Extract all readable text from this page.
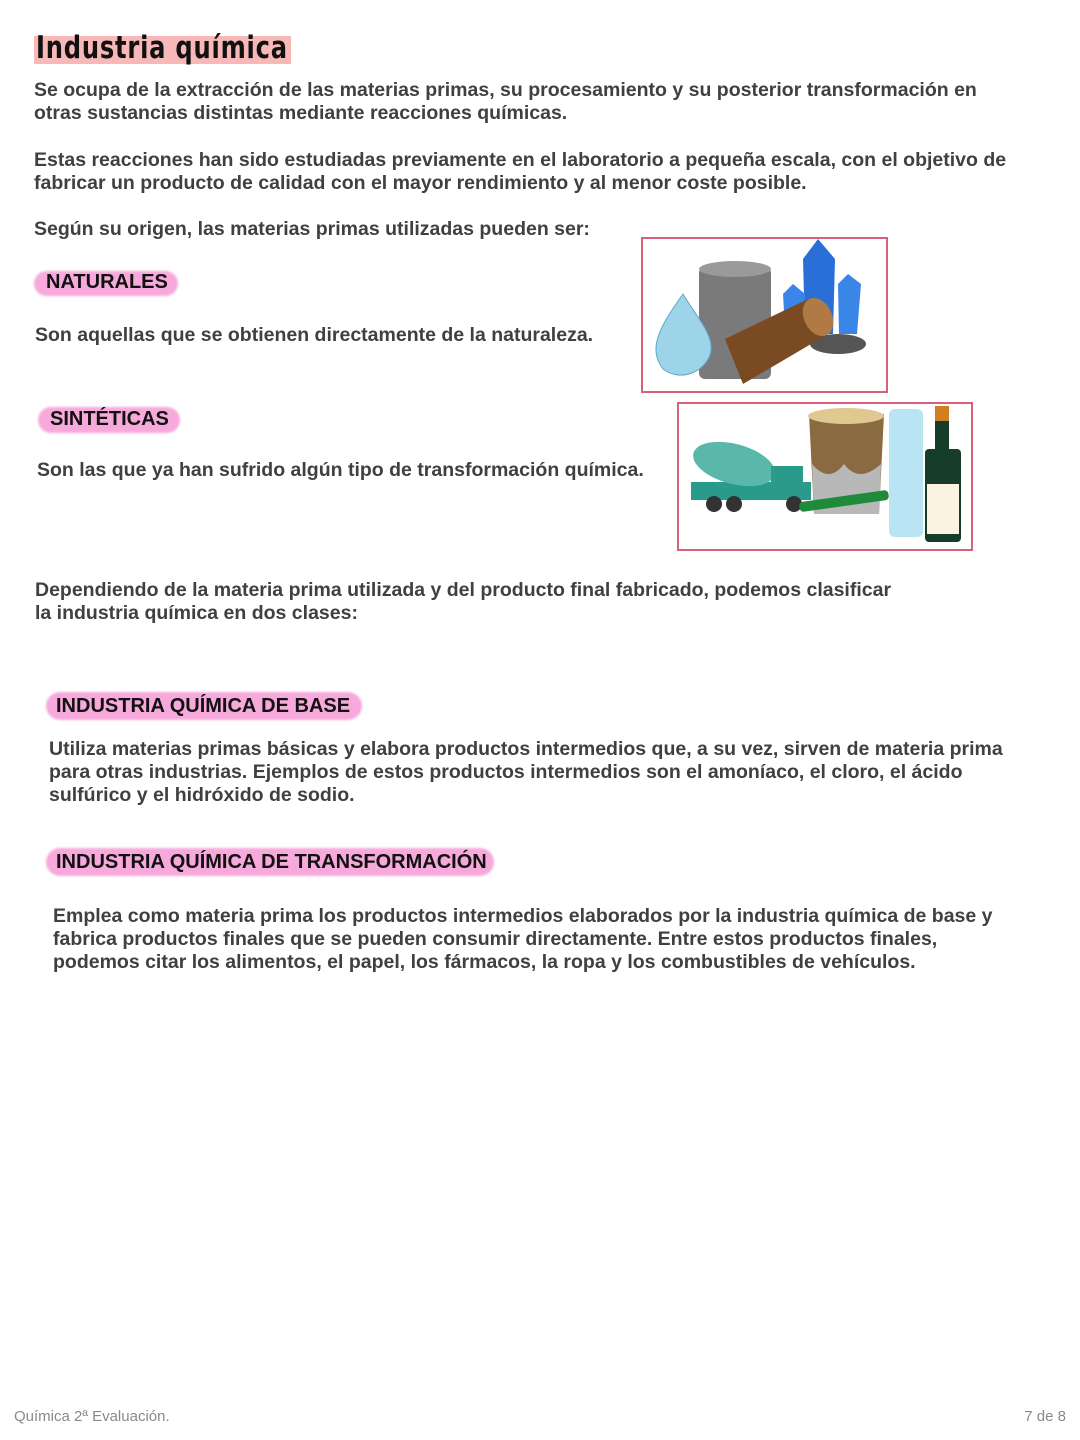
Industria química
Se ocupa de la extracción de las materias primas, su procesamiento y su posterior transformación en
otras sustancias distintas mediante reacciones químicas.
Estas reacciones han sido estudiadas previamente en el laboratorio a pequeña escala, con el objetivo de
fabricar un producto de calidad con el mayor rendimiento y al menor coste posible.
Según su origen, las materias primas utilizadas pueden ser:
NATURALES
Son aquellas que se obtienen directamente de la naturaleza.
SINTÉTICAS
Son las que ya han sufrido algún tipo de transformación química.
Dependiendo de la materia prima utilizada y del producto final fabricado, podemos clasificar
la industria química en dos clases:
INDUSTRIA QUÍMICA DE BASE
Utiliza materias primas básicas y elabora productos intermedios que, a su vez, sirven de materia prima
para otras industrias. Ejemplos de estos productos intermedios son el amoníaco, el cloro, el ácido
sulfúrico y el hidróxido de sodio.
INDUSTRIA QUÍMICA DE TRANSFORMACIÓN
Emplea como materia prima los productos intermedios elaborados por la industria química de base y
fabrica productos finales que se pueden consumir directamente. Entre estos productos finales,
podemos citar los alimentos, el papel, los fármacos, la ropa y los combustibles de vehículos.
Química 2ª Evaluación.	7 de 8
